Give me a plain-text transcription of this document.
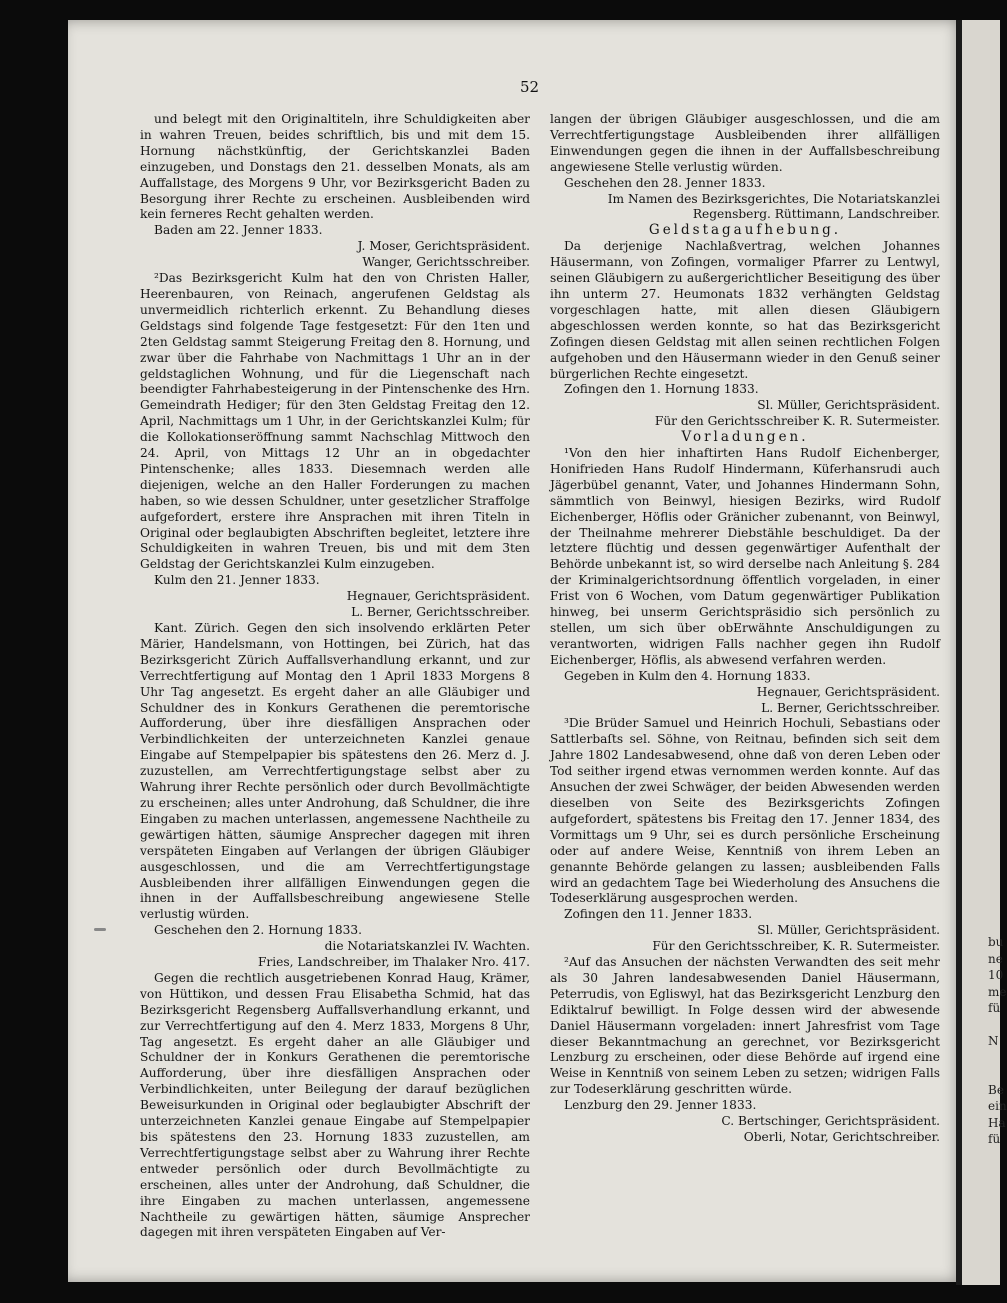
52

und belegt mit den Originaltiteln, ihre Schuldigkeiten aber in wahren Treuen, beides schriftlich, bis und mit dem 15. Hornung nächstkünftig, der Gerichtskanzlei Baden einzugeben, und Donstags den 21. desselben Monats, als am Auffallstage, des Morgens 9 Uhr, vor Bezirksgericht Baden zu Besorgung ihrer Rechte zu erscheinen. Ausbleibenden wird kein ferneres Recht gehalten werden.

Baden am 22. Jenner 1833.

J. Moser, Gerichtspräsident.

Wanger, Gerichtsschreiber.

²Das Bezirksgericht Kulm hat den von Christen Haller, Heerenbauren, von Reinach, angerufenen Geldstag als unvermeidlich richterlich erkennt. Zu Behandlung dieses Geldstags sind folgende Tage festgesetzt: Für den 1ten und 2ten Geldstag sammt Steigerung Freitag den 8. Hornung, und zwar über die Fahrhabe von Nachmittags 1 Uhr an in der geldstaglichen Wohnung, und für die Liegenschaft nach beendigter Fahrhabesteigerung in der Pintenschenke des Hrn. Gemeindrath Hediger; für den 3ten Geldstag Freitag den 12. April, Nachmittags um 1 Uhr, in der Gerichtskanzlei Kulm; für die Kollokationseröffnung sammt Nachschlag Mittwoch den 24. April, von Mittags 12 Uhr an in obgedachter Pintenschenke; alles 1833. Diesemnach werden alle diejenigen, welche an den Haller Forderungen zu machen haben, so wie dessen Schuldner, unter gesetzlicher Straffolge aufgefordert, erstere ihre Ansprachen mit ihren Titeln in Original oder beglaubigten Abschriften begleitet, letztere ihre Schuldigkeiten in wahren Treuen, bis und mit dem 3ten Geldstag der Gerichtskanzlei Kulm einzugeben.

Kulm den 21. Jenner 1833.

Hegnauer, Gerichtspräsident.

L. Berner, Gerichtsschreiber.

Kant. Zürich. Gegen den sich insolvendo erklärten Peter Märier, Handelsmann, von Hottingen, bei Zürich, hat das Bezirksgericht Zürich Auffallsverhandlung erkannt, und zur Verrechtfertigung auf Montag den 1 April 1833 Morgens 8 Uhr Tag angesetzt. Es ergeht daher an alle Gläubiger und Schuldner des in Konkurs Gerathenen die peremtorische Aufforderung, über ihre diesfälligen Ansprachen oder Verbindlichkeiten der unterzeichneten Kanzlei genaue Eingabe auf Stempelpapier bis spätestens den 26. Merz d. J. zuzustellen, am Verrechtfertigungstage selbst aber zu Wahrung ihrer Rechte persönlich oder durch Bevollmächtigte zu erscheinen; alles unter Androhung, daß Schuldner, die ihre Eingaben zu machen unterlassen, angemessene Nachtheile zu gewärtigen hätten, säumige Ansprecher dagegen mit ihren verspäteten Eingaben auf Verlangen der übrigen Gläubiger ausgeschlossen, und die am Verrechtfertigungstage Ausbleibenden ihrer allfälligen Einwendungen gegen die ihnen in der Auffallsbeschreibung angewiesene Stelle verlustig würden.

Geschehen den 2. Hornung 1833.

die Notariatskanzlei IV. Wachten.

Fries, Landschreiber, im Thalaker Nro. 417.

Gegen die rechtlich ausgetriebenen Konrad Haug, Krämer, von Hüttikon, und dessen Frau Elisabetha Schmid, hat das Bezirksgericht Regensberg Auffallsverhandlung erkannt, und zur Verrechtfertigung auf den 4. Merz 1833, Morgens 8 Uhr, Tag angesetzt. Es ergeht daher an alle Gläubiger und Schuldner der in Konkurs Gerathenen die peremtorische Aufforderung, über ihre diesfälligen Ansprachen oder Verbindlichkeiten, unter Beilegung der darauf bezüglichen Beweisurkunden in Original oder beglaubigter Abschrift der unterzeichneten Kanzlei genaue Eingabe auf Stempelpapier bis spätestens den 23. Hornung 1833 zuzustellen, am Verrechtfertigungstage selbst aber zu Wahrung ihrer Rechte entweder persönlich oder durch Bevollmächtigte zu erscheinen, alles unter der Androhung, daß Schuldner, die ihre Eingaben zu machen unterlassen, angemessene Nachtheile zu gewärtigen hätten, säumige Ansprecher dagegen mit ihren verspäteten Eingaben auf Ver-

langen der übrigen Gläubiger ausgeschlossen, und die am Verrechtfertigungstage Ausbleibenden ihrer allfälligen Einwendungen gegen die ihnen in der Auffallsbeschreibung angewiesene Stelle verlustig würden.

Geschehen den 28. Jenner 1833.

Im Namen des Bezirksgerichtes, Die Notariatskanzlei Regensberg. Rüttimann, Landschreiber.

Geldstagaufhebung.

Da derjenige Nachlaßvertrag, welchen Johannes Häusermann, von Zofingen, vormaliger Pfarrer zu Lentwyl, seinen Gläubigern zu außergerichtlicher Beseitigung des über ihn unterm 27. Heumonats 1832 verhängten Geldstag vorgeschlagen hatte, mit allen diesen Gläubigern abgeschlossen werden konnte, so hat das Bezirksgericht Zofingen diesen Geldstag mit allen seinen rechtlichen Folgen aufgehoben und den Häusermann wieder in den Genuß seiner bürgerlichen Rechte eingesetzt.

Zofingen den 1. Hornung 1833.

Sl. Müller, Gerichtspräsident.

Für den Gerichtsschreiber K. R. Sutermeister.

Vorladungen.

¹Von den hier inhaftirten Hans Rudolf Eichenberger, Honifrieden Hans Rudolf Hindermann, Küferhansrudi auch Jägerbübel genannt, Vater, und Johannes Hindermann Sohn, sämmtlich von Beinwyl, hiesigen Bezirks, wird Rudolf Eichenberger, Höflis oder Gränicher zubenannt, von Beinwyl, der Theilnahme mehrerer Diebstähle beschuldiget. Da der letztere flüchtig und dessen gegenwärtiger Aufenthalt der Behörde unbekannt ist, so wird derselbe nach Anleitung §. 284 der Kriminalgerichtsordnung öffentlich vorgeladen, in einer Frist von 6 Wochen, vom Datum gegenwärtiger Publikation hinweg, bei unserm Gerichtspräsidio sich persönlich zu stellen, um sich über obErwähnte Anschuldigungen zu verantworten, widrigen Falls nachher gegen ihn Rudolf Eichenberger, Höflis, als abwesend verfahren werden.

Gegeben in Kulm den 4. Hornung 1833.

Hegnauer, Gerichtspräsident.

L. Berner, Gerichtsschreiber.

³Die Brüder Samuel und Heinrich Hochuli, Sebastians oder Sattlerbaſts sel. Söhne, von Reitnau, befinden sich seit dem Jahre 1802 Landesabwesend, ohne daß von deren Leben oder Tod seither irgend etwas vernommen werden konnte. Auf das Ansuchen der zwei Schwäger, der beiden Abwesenden werden dieselben von Seite des Bezirksgerichts Zofingen aufgefordert, spätestens bis Freitag den 17. Jenner 1834, des Vormittags um 9 Uhr, sei es durch persönliche Erscheinung oder auf andere Weise, Kenntniß von ihrem Leben an genannte Behörde gelangen zu lassen; ausbleibenden Falls wird an gedachtem Tage bei Wiederholung des Ansuchens die Todeserklärung ausgesprochen werden.

Zofingen den 11. Jenner 1833.

Sl. Müller, Gerichtspräsident.

Für den Gerichtsschreiber, K. R. Sutermeister.

²Auf das Ansuchen der nächsten Verwandten des seit mehr als 30 Jahren landesabwesenden Daniel Häusermann, Peterrudis, von Egliswyl, hat das Bezirksgericht Lenzburg den Ediktalruf bewilligt. In Folge dessen wird der abwesende Daniel Häusermann vorgeladen: innert Jahresfrist vom Tage dieser Bekanntmachung an gerechnet, vor Bezirksgericht Lenzburg zu erscheinen, oder diese Behörde auf irgend eine Weise in Kenntniß von seinem Leben zu setzen; widrigen Falls zur Todeserklärung geschritten würde.

Lenzburg den 29. Jenner 1833.

C. Bertschinger, Gerichtspräsident.

Oberli, Notar, Gerichtschreiber.

bu
ne
10
me
fü
N
Be
ein
Ha
fü
